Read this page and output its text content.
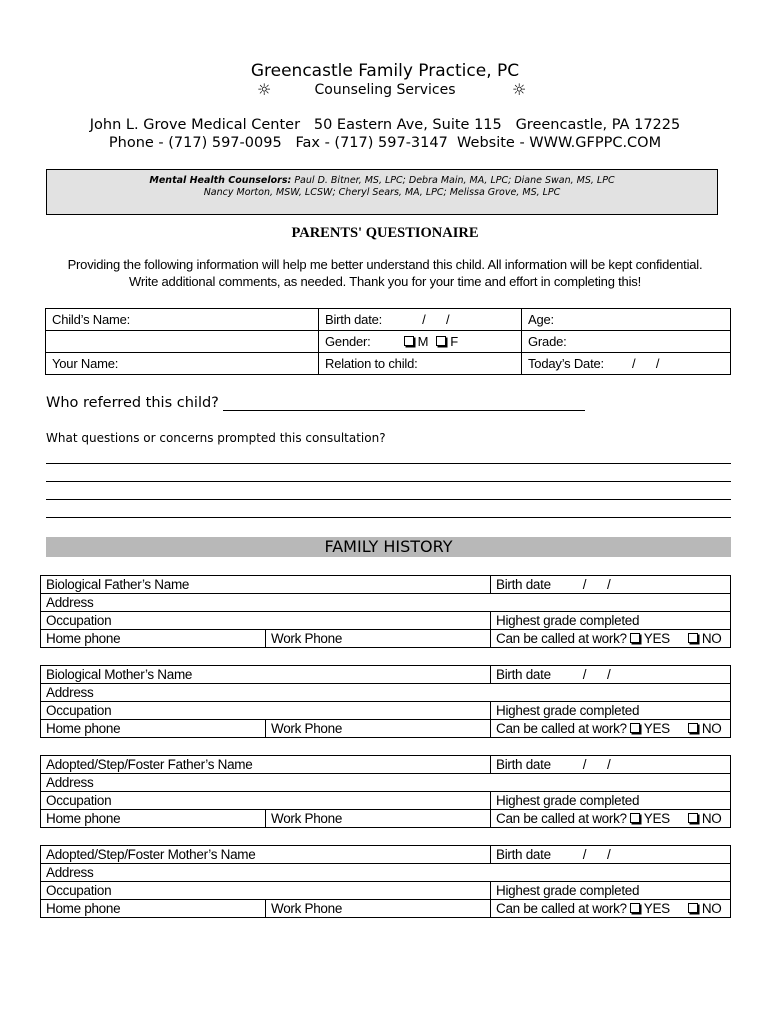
Greencastle Family Practice, PC
☼	Counseling Services	☼
John L. Grove Medical Center   50 Eastern Ave, Suite 115   Greencastle, PA 17225
Phone - (717) 597-0095   Fax - (717) 597-3147  Website - WWW.GFPPC.COM
Mental Health Counselors: Paul D. Bitner, MS, LPC; Debra Main, MA, LPC; Diane Swan, MS, LPC
Nancy Morton, MSW, LCSW; Cheryl Sears, MA, LPC; Melissa Grove, MS, LPC
PARENTS' QUESTIONAIRE
Providing the following information will help me better understand this child. All information will be kept confidential.
Write additional comments, as needed. Thank you for your time and effort in completing this!
Child’s Name:	Birth date: /      /	Age:
	Gender: M F	Grade:
Your Name:	Relation to child:	Today’s Date: /      /
Who referred this child?
What questions or concerns prompted this consultation?
FAMILY HISTORY
Biological Father’s Name		Birth date /      /
Address		
Occupation		Highest grade completed
Home phone	Work Phone	Can be called at work? YES NO
Biological Mother’s Name		Birth date /      /
Address		
Occupation		Highest grade completed
Home phone	Work Phone	Can be called at work? YES NO
Adopted/Step/Foster Father’s Name		Birth date /      /
Address		
Occupation		Highest grade completed
Home phone	Work Phone	Can be called at work? YES NO
Adopted/Step/Foster Mother’s Name		Birth date /      /
Address		
Occupation		Highest grade completed
Home phone	Work Phone	Can be called at work? YES NO
